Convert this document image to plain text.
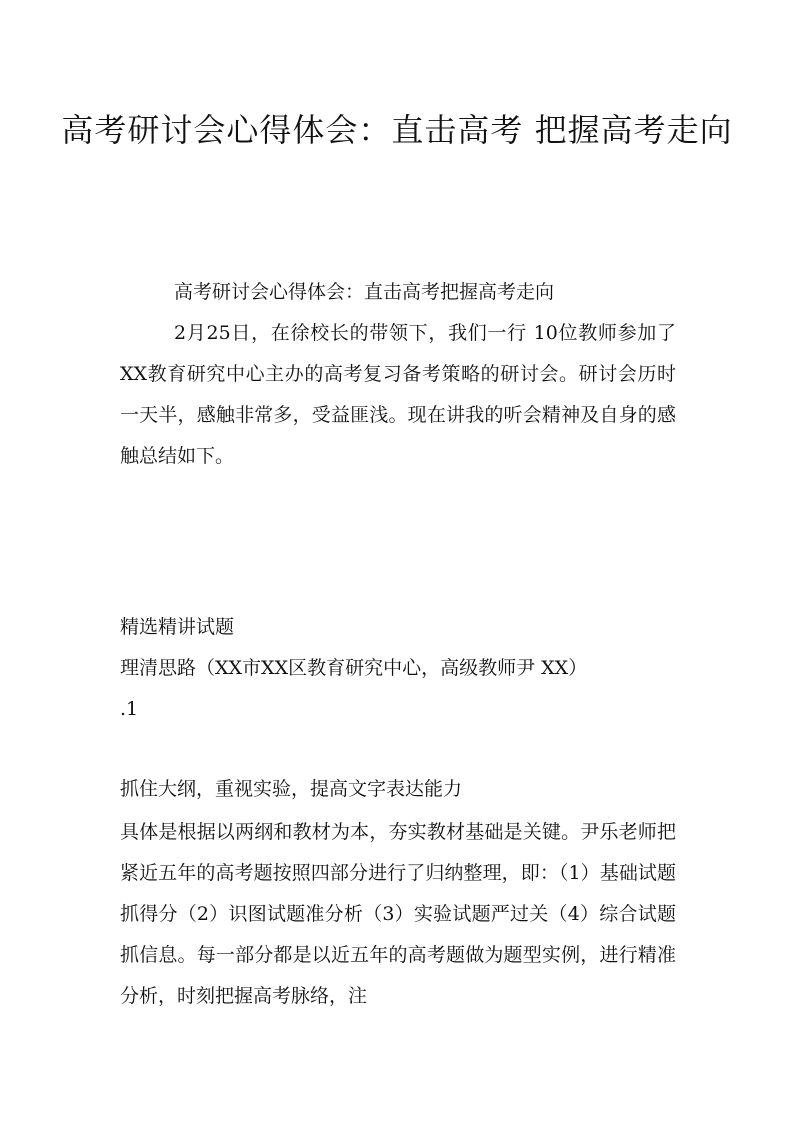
高考研讨会心得体会：直击高考 把握高考走向

高考研讨会心得体会：直击高考把握高考走向

2月25日，在徐校长的带领下，我们一行 10位教师参加了XX教育研究中心主办的高考复习备考策略的研讨会。研讨会历时一天半，感触非常多，受益匪浅。现在讲我的听会精神及自身的感触总结如下。

精选精讲试题

理清思路（XX市XX区教育研究中心，高级教师尹 XX）

.1

抓住大纲，重视实验，提高文字表达能力

具体是根据以两纲和教材为本，夯实教材基础是关键。尹乐老师把紧近五年的高考题按照四部分进行了归纳整理，即：（1）基础试题抓得分（2）识图试题准分析（3）实验试题严过关（4）综合试题抓信息。每一部分都是以近五年的高考题做为题型实例，进行精准分析，时刻把握高考脉络，注
